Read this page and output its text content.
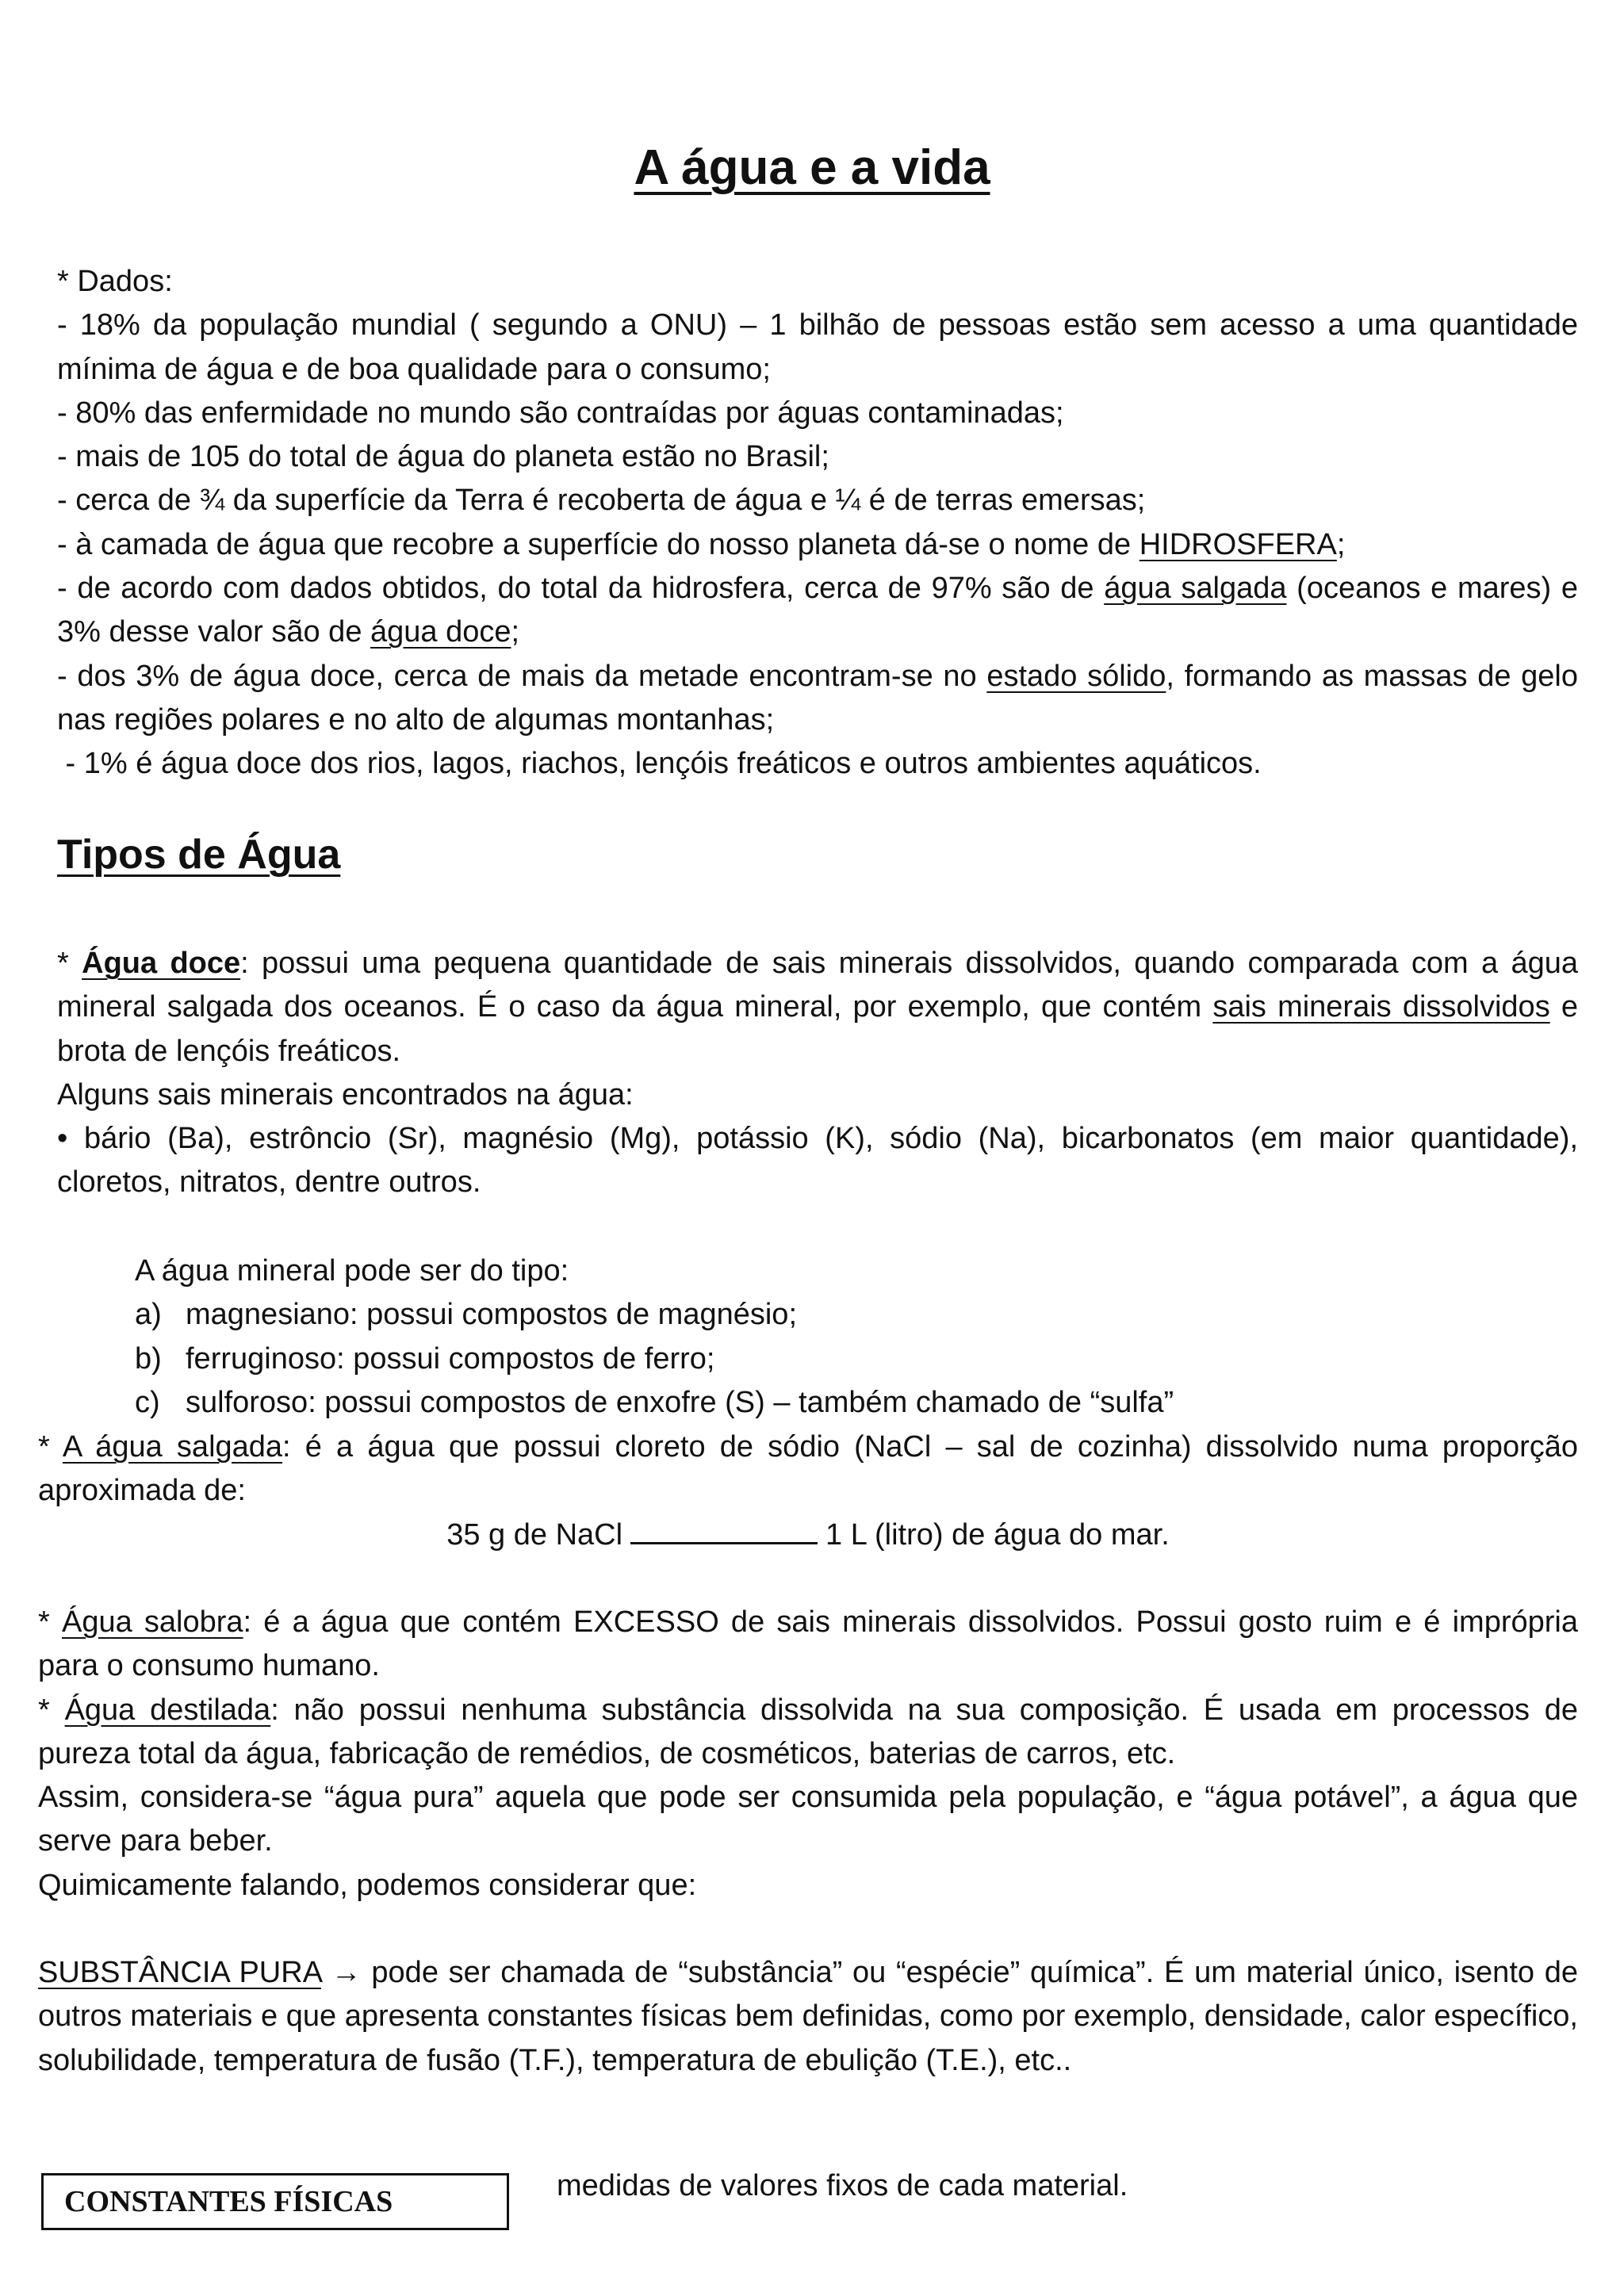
A água e a vida

* Dados:

- 18% da população mundial ( segundo a ONU) – 1 bilhão de pessoas estão sem acesso a uma quantidade mínima de água e de boa qualidade para o consumo;

- 80% das enfermidade no mundo são contraídas por águas contaminadas;

- mais de 105 do total de água do planeta estão no Brasil;

- cerca de ¾ da superfície da Terra é recoberta de água e ¼ é de terras emersas;

- à camada de água que recobre a superfície do nosso planeta dá-se o nome de HIDROSFERA;

- de acordo com dados obtidos, do total da hidrosfera, cerca de 97% são de água salgada (oceanos e mares) e 3% desse valor são de água doce;

- dos 3% de água doce, cerca de mais da metade encontram-se no estado sólido, formando as massas de gelo nas regiões polares e no alto de algumas montanhas;

- 1% é água doce dos rios, lagos, riachos, lençóis freáticos e outros ambientes aquáticos.

Tipos de Água

* Água doce: possui uma pequena quantidade de sais minerais dissolvidos, quando comparada com a água mineral salgada dos oceanos. É o caso da água mineral, por exemplo, que contém sais minerais dissolvidos e brota de lençóis freáticos.

Alguns sais minerais encontrados na água:

• bário (Ba), estrôncio (Sr), magnésio (Mg), potássio (K), sódio (Na), bicarbonatos (em maior quantidade), cloretos, nitratos, dentre outros.

A água mineral pode ser do tipo:

a) magnesiano: possui compostos de magnésio;
b) ferruginoso: possui compostos de ferro;
c) sulforoso: possui compostos de enxofre (S) – também chamado de “sulfa”

* A água salgada: é a água que possui cloreto de sódio (NaCl – sal de cozinha) dissolvido numa proporção aproximada de:

35 g de NaCl	1 L (litro) de água do mar.

* Água salobra: é a água que contém EXCESSO de sais minerais dissolvidos. Possui gosto ruim e é imprópria para o consumo humano.

* Água destilada: não possui nenhuma substância dissolvida na sua composição. É usada em processos de pureza total da água, fabricação de remédios, de cosméticos, baterias de carros, etc.

Assim, considera-se “água pura” aquela que pode ser consumida pela população, e “água potável”, a água que serve para beber.

Quimicamente falando, podemos considerar que:

SUBSTÂNCIA PURA → pode ser chamada de “substância” ou “espécie” química”. É um material único, isento de outros materiais e que apresenta constantes físicas bem definidas, como por exemplo, densidade, calor específico, solubilidade, temperatura de fusão (T.F.), temperatura de ebulição (T.E.), etc..

CONSTANTES FÍSICAS	medidas de valores fixos de cada material.
